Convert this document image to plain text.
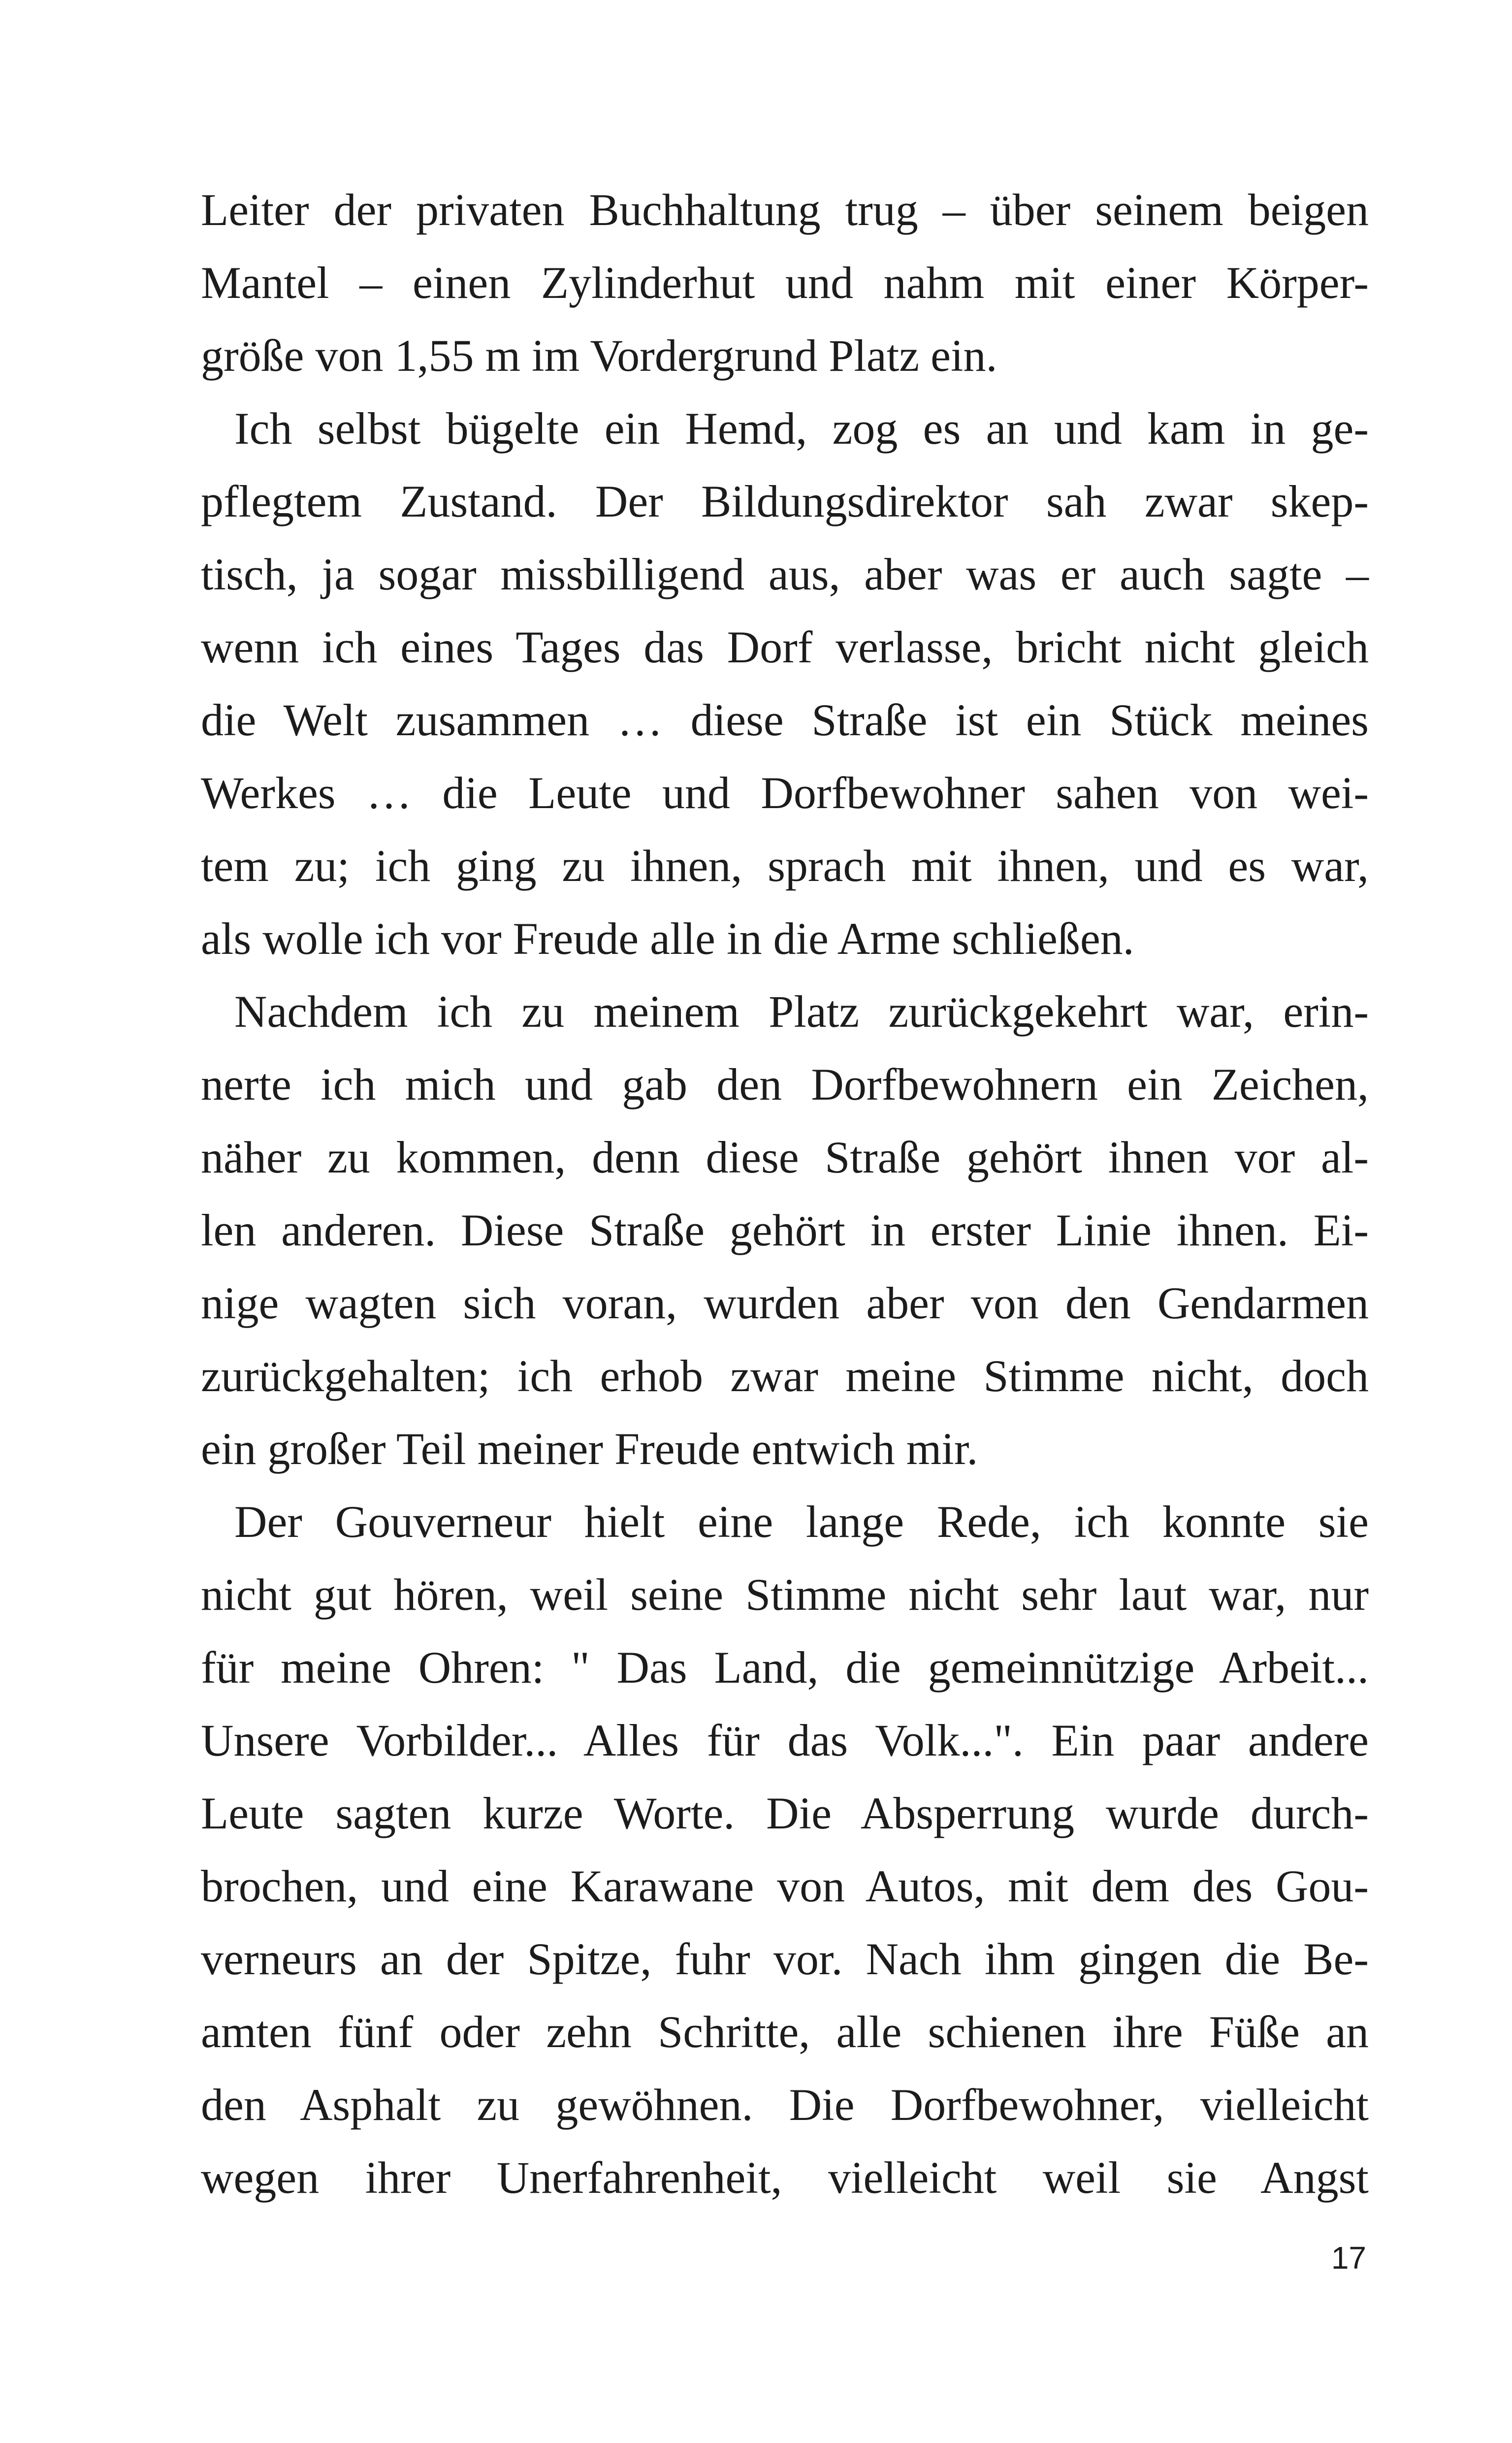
Leiter der privaten Buchhaltung trug – über seinem beigen
Mantel – einen Zylinderhut und nahm mit einer Körper-
größe von 1,55 m im Vordergrund Platz ein.
Ich selbst bügelte ein Hemd, zog es an und kam in ge-
pflegtem Zustand. Der Bildungsdirektor sah zwar skep-
tisch, ja sogar missbilligend aus, aber was er auch sagte –
wenn ich eines Tages das Dorf verlasse, bricht nicht gleich
die Welt zusammen … diese Straße ist ein Stück meines
Werkes … die Leute und Dorfbewohner sahen von wei-
tem zu; ich ging zu ihnen, sprach mit ihnen, und es war,
als wolle ich vor Freude alle in die Arme schließen.
Nachdem ich zu meinem Platz zurückgekehrt war, erin-
nerte ich mich und gab den Dorfbewohnern ein Zeichen,
näher zu kommen, denn diese Straße gehört ihnen vor al-
len anderen. Diese Straße gehört in erster Linie ihnen. Ei-
nige wagten sich voran, wurden aber von den Gendarmen
zurückgehalten; ich erhob zwar meine Stimme nicht, doch
ein großer Teil meiner Freude entwich mir.
Der Gouverneur hielt eine lange Rede, ich konnte sie
nicht gut hören, weil seine Stimme nicht sehr laut war, nur
für meine Ohren: " Das Land, die gemeinnützige Arbeit...
Unsere Vorbilder... Alles für das Volk...". Ein paar andere
Leute sagten kurze Worte. Die Absperrung wurde durch-
brochen, und eine Karawane von Autos, mit dem des Gou-
verneurs an der Spitze, fuhr vor. Nach ihm gingen die Be-
amten fünf oder zehn Schritte, alle schienen ihre Füße an
den Asphalt zu gewöhnen. Die Dorfbewohner, vielleicht
wegen ihrer Unerfahrenheit, vielleicht weil sie Angst
17
